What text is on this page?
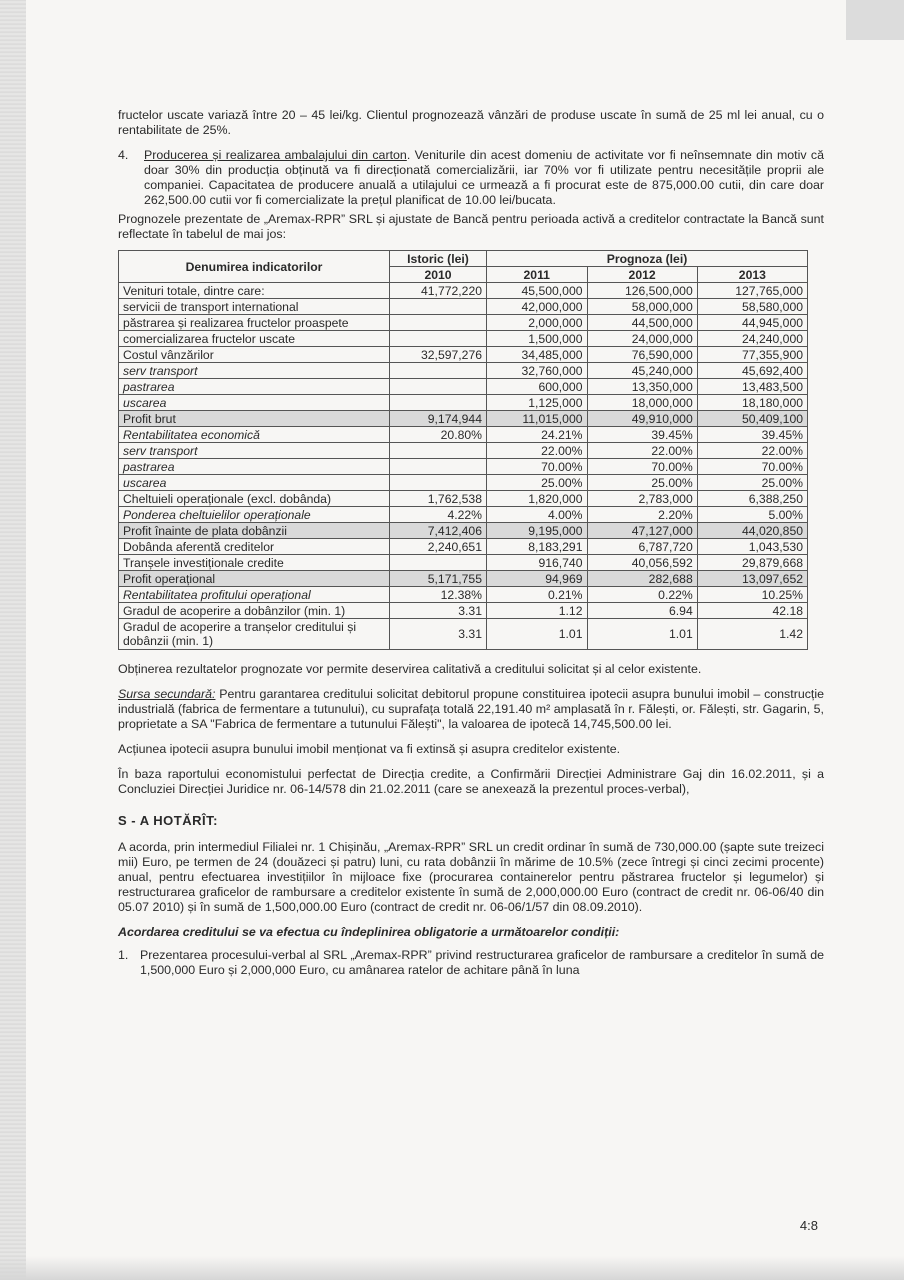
fructelor uscate variază între 20 – 45 lei/kg. Clientul prognozează vânzări de produse uscate în sumă de 25 ml lei anual, cu o rentabilitate de 25%.

4.	Producerea și realizarea ambalajului din carton. Veniturile din acest domeniu de activitate vor fi neînsemnate din motiv că doar 30% din producția obținută va fi direcționată comercializării, iar 70% vor fi utilizate pentru necesitățile proprii ale companiei. Capacitatea de producere anuală a utilajului ce urmează a fi procurat este de 875,000.00 cutii, din care doar 262,500.00 cutii vor fi comercializate la prețul planificat de 10.00 lei/bucata.

Prognozele prezentate de „Aremax-RPR” SRL și ajustate de Bancă pentru perioada activă a creditelor contractate la Bancă sunt reflectate în tabelul de mai jos:

Denumirea indicatorilor	Istoric (lei)	Prognoza (lei)		
	2010	2011	2012	2013
Venituri totale, dintre care:	41,772,220	45,500,000	126,500,000	127,765,000
servicii de transport international		42,000,000	58,000,000	58,580,000
păstrarea și realizarea fructelor proaspete		2,000,000	44,500,000	44,945,000
comercializarea fructelor uscate		1,500,000	24,000,000	24,240,000
Costul vânzărilor	32,597,276	34,485,000	76,590,000	77,355,900
serv transport		32,760,000	45,240,000	45,692,400
pastrarea		600,000	13,350,000	13,483,500
uscarea		1,125,000	18,000,000	18,180,000
Profit brut	9,174,944	11,015,000	49,910,000	50,409,100
Rentabilitatea economică	20.80%	24.21%	39.45%	39.45%
serv transport		22.00%	22.00%	22.00%
pastrarea		70.00%	70.00%	70.00%
uscarea		25.00%	25.00%	25.00%
Cheltuieli operaționale (excl. dobânda)	1,762,538	1,820,000	2,783,000	6,388,250
Ponderea cheltuielilor operaționale	4.22%	4.00%	2.20%	5.00%
Profit înainte de plata dobânzii	7,412,406	9,195,000	47,127,000	44,020,850
Dobânda aferentă creditelor	2,240,651	8,183,291	6,787,720	1,043,530
Tranșele investiționale credite		916,740	40,056,592	29,879,668
Profit operațional	5,171,755	94,969	282,688	13,097,652
Rentabilitatea profitului operațional	12.38%	0.21%	0.22%	10.25%
Gradul de acoperire a dobânzilor (min. 1)	3.31	1.12	6.94	42.18
Gradul de acoperire a tranșelor creditului și dobânzii (min. 1)	3.31	1.01	1.01	1.42

Obținerea rezultatelor prognozate vor permite deservirea calitativă a creditului solicitat și al celor existente.

Sursa secundară: Pentru garantarea creditului solicitat debitorul propune constituirea ipotecii asupra bunului imobil – construcție industrială (fabrica de fermentare a tutunului), cu suprafața totală 22,191.40 m² amplasată în r. Fălești, or. Fălești, str. Gagarin, 5, proprietate a SA "Fabrica de fermentare a tutunului Fălești", la valoarea de ipotecă 14,745,500.00 lei.

Acțiunea ipotecii asupra bunului imobil menționat va fi extinsă și asupra creditelor existente.

În baza raportului economistului perfectat de Direcția credite, a Confirmării Direcției Administrare Gaj din 16.02.2011, și a Concluziei Direcției Juridice nr. 06-14/578 din 21.02.2011 (care se anexează la prezentul proces-verbal),

S - A HOTĂRÎT:

A acorda, prin intermediul Filialei nr. 1 Chișinău, „Aremax-RPR” SRL un credit ordinar în sumă de 730,000.00 (șapte sute treizeci mii) Euro, pe termen de 24 (douăzeci și patru) luni, cu rata dobânzii în mărime de 10.5% (zece întregi și cinci zecimi procente) anual, pentru efectuarea investițiilor în mijloace fixe (procurarea containerelor pentru păstrarea fructelor și legumelor) și restructurarea graficelor de rambursare a creditelor existente în sumă de 2,000,000.00 Euro (contract de credit nr. 06-06/40 din 05.07 2010) și în sumă de 1,500,000.00 Euro (contract de credit nr. 06-06/1/57 din 08.09.2010).

Acordarea creditului se va efectua cu îndeplinirea obligatorie a următoarelor condiții:
1. Prezentarea procesului-verbal al SRL „Aremax-RPR” privind restructurarea graficelor de rambursare a creditelor în sumă de 1,500,000 Euro și 2,000,000 Euro, cu amânarea ratelor de achitare până în luna

4:8
